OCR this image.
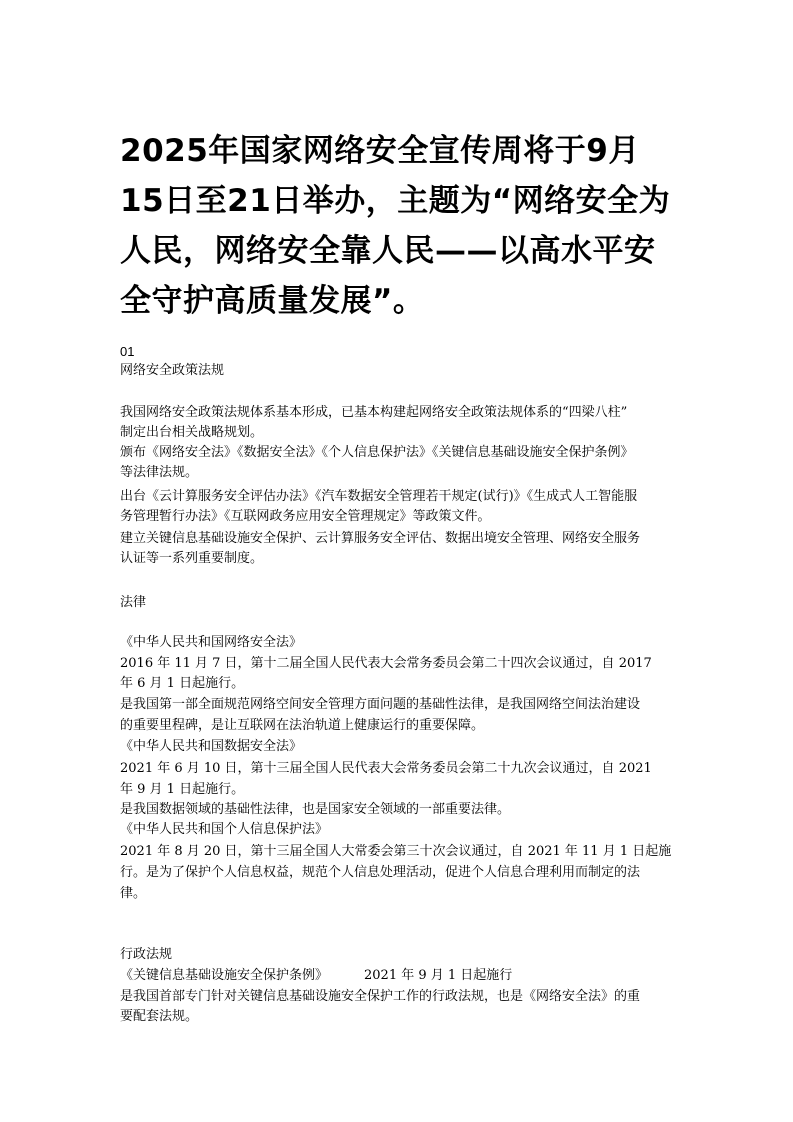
2025年国家网络安全宣传周将于9月15日至21日举办，主题为“网络安全为人民，网络安全靠人民——以高水平安全守护高质量发展”。

01

网络安全政策法规

我国网络安全政策法规体系基本形成，已基本构建起网络安全政策法规体系的“四梁八柱”

制定出台相关战略规划。

颁布《网络安全法》《数据安全法》《个人信息保护法》《关键信息基础设施安全保护条例》

等法律法规。

出台《云计算服务安全评估办法》《汽车数据安全管理若干规定(试行)》《生成式人工智能服

务管理暂行办法》《互联网政务应用安全管理规定》等政策文件。

建立关键信息基础设施安全保护、云计算服务安全评估、数据出境安全管理、网络安全服务

认证等一系列重要制度。

法律

《中华人民共和国网络安全法》

2016 年 11 月 7 日，第十二届全国人民代表大会常务委员会第二十四次会议通过，自 2017

年 6 月 1 日起施行。

是我国第一部全面规范网络空间安全管理方面问题的基础性法律，是我国网络空间法治建设

的重要里程碑，是让互联网在法治轨道上健康运行的重要保障。

《中华人民共和国数据安全法》

2021 年 6 月 10 日，第十三届全国人民代表大会常务委员会第二十九次会议通过，自 2021

年 9 月 1 日起施行。

是我国数据领域的基础性法律，也是国家安全领域的一部重要法律。

《中华人民共和国个人信息保护法》

2021 年 8 月 20 日，第十三届全国人大常委会第三十次会议通过，自 2021 年 11 月 1 日起施

行。是为了保护个人信息权益，规范个人信息处理活动，促进个人信息合理利用而制定的法

律。

行政法规

《关键信息基础设施安全保护条例》	2021 年 9 月 1 日起施行

是我国首部专门针对关键信息基础设施安全保护工作的行政法规，也是《网络安全法》的重

要配套法规。
